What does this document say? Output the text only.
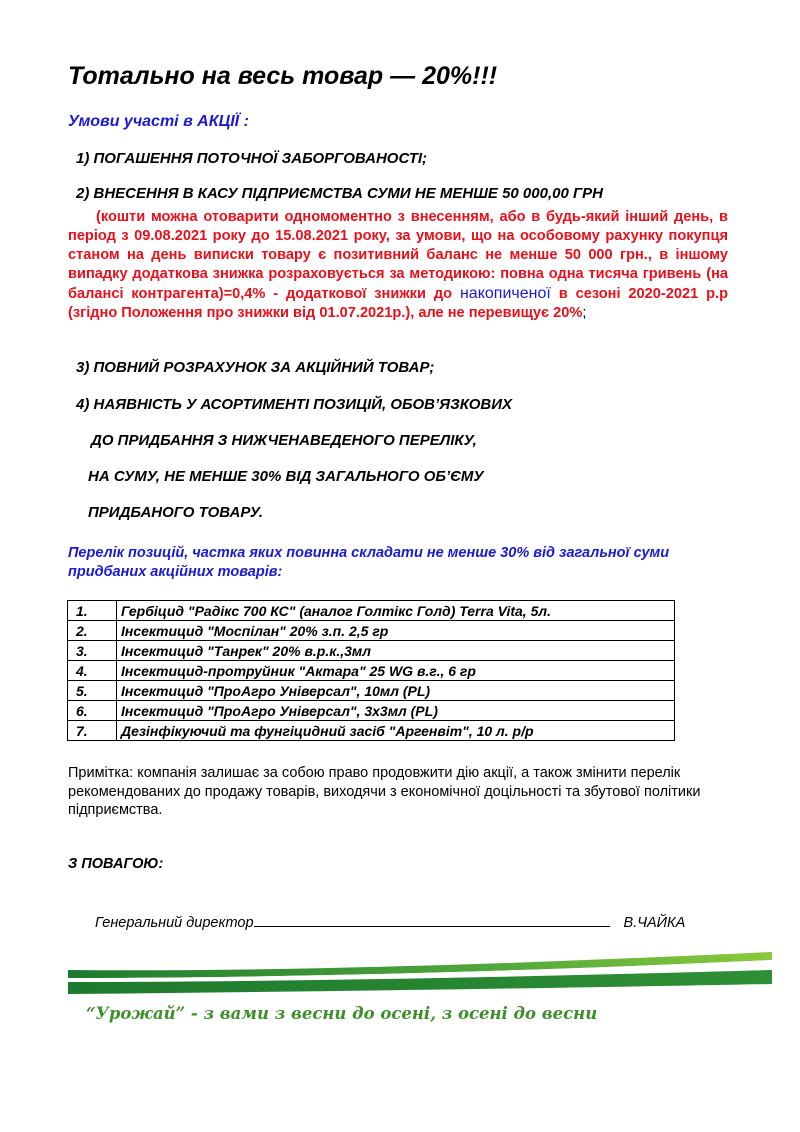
Тотально на весь товар — 20%!!!
Умови участі в АКЦІЇ :
1) ПОГАШЕННЯ ПОТОЧНОЇ ЗАБОРГОВАНОСТІ;
2) ВНЕСЕННЯ В КАСУ ПІДПРИЄМСТВА СУМИ НЕ МЕНШЕ 50 000,00 ГРН
(кошти можна отоварити одномоментно з внесенням, або в будь-який інший день, в період з 09.08.2021 року до 15.08.2021 року, за умови, що на особовому рахунку покупця станом на день виписки товару є позитивний баланс не менше 50 000 грн., в іншому випадку додаткова знижка розраховується за методикою: повна одна тисяча гривень (на балансі контрагента)=0,4% - додаткової знижки до накопиченої в сезоні 2020-2021 р.р (згідно Положення про знижки від 01.07.2021р.), але не перевищує 20%;
3) ПОВНИЙ РОЗРАХУНОК ЗА АКЦІЙНИЙ ТОВАР;
4) НАЯВНІСТЬ У АСОРТИМЕНТІ ПОЗИЦІЙ, ОБОВ’ЯЗКОВИХ
ДО ПРИДБАННЯ З НИЖЧЕНАВЕДЕНОГО ПЕРЕЛІКУ,
НА СУМУ, НЕ МЕНШЕ 30% ВІД ЗАГАЛЬНОГО ОБ’ЄМУ
ПРИДБАНОГО ТОВАРУ.
Перелік позицій, частка яких повинна складати не менше 30% від загальної суми придбаних акційних товарів:
1.	Гербіцид "Радікс 700 КС" (аналог Голтікс Голд) Terra Vita, 5л.
2.	Інсектицид "Моспілан" 20% з.п. 2,5 гр
3.	Інсектицид "Танрек" 20% в.р.к.,3мл
4.	Інсектицид-протруйник "Актара" 25 WG в.г., 6 гр
5.	Інсектицид "ПроАгро Універсал", 10мл (PL)
6.	Інсектицид "ПроАгро Універсал", 3х3мл (PL)
7.	Дезінфікуючий та фунгіцидний засіб "Аргенвіт", 10 л. р/р
Примітка: компанія залишає за собою право продовжити дію акції, а також змінити перелік рекомендованих до продажу товарів, виходячи з економічної доцільності та збутової політики підприємства.
З ПОВАГОЮ:
Генеральний директор	В.ЧАЙКА
“Урожай” - з вами з весни до осені, з осені до весни
